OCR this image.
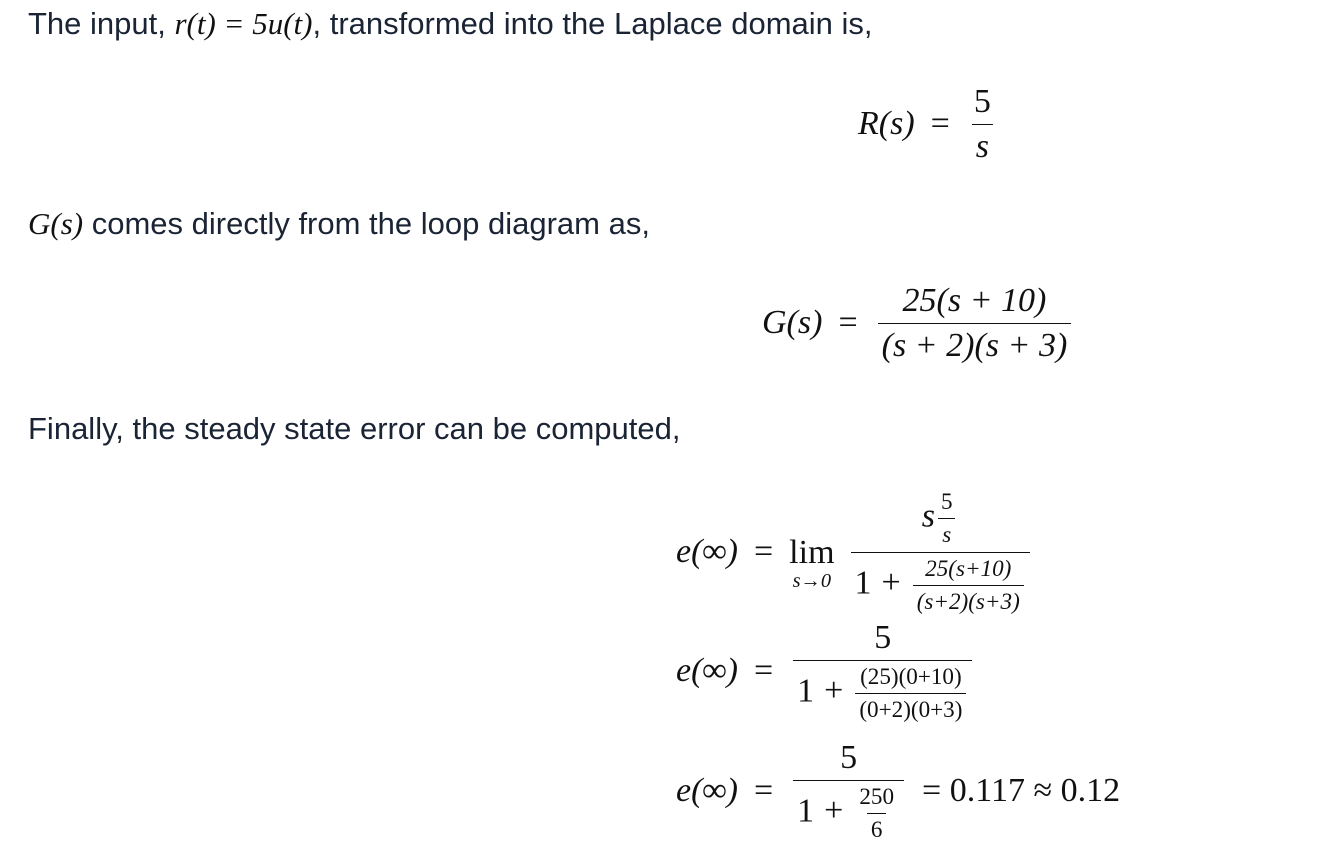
The input, r(t) = 5u(t), transformed into the Laplace domain is,
$R(s) = \frac{5}{s}$
G(s) comes directly from the loop diagram as,
$G(s) = \frac{25(s + 10)}{(s + 2)(s + 3)}$
Finally, the steady state error can be computed,
e(∞) = lim
$s\to 0 \frac{s \frac{5}{s}}{1 + \frac{25(s+10)}{(s+2)(s+3)}}$
$e(\infty) = \frac{5}{1 + \frac{(25)(0+10)}{(0+2)(0+3)}}$
$e(\infty) = \frac{5}{1 + \frac{250}{6}} = 0.117 \approx 0.12$
